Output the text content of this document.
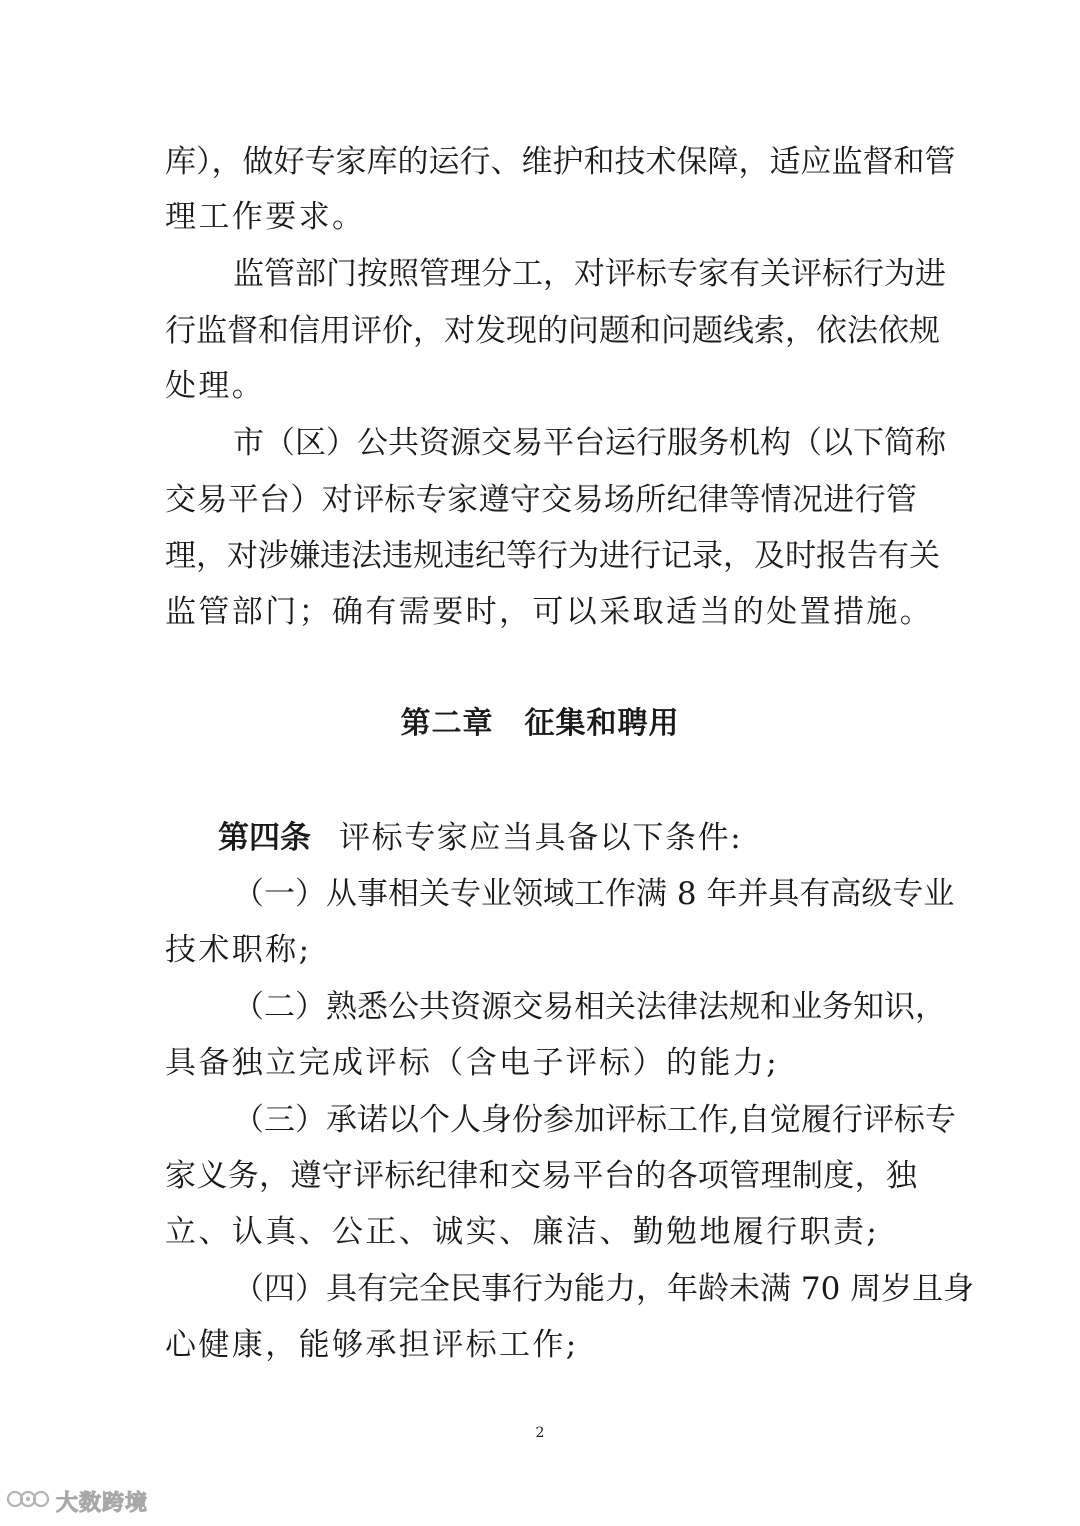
库），做好专家库的运行、维护和技术保障，适应监督和管
理工作要求。
监管部门按照管理分工，对评标专家有关评标行为进
行监督和信用评价，对发现的问题和问题线索，依法依规
处理。
市（区）公共资源交易平台运行服务机构（以下简称
交易平台）对评标专家遵守交易场所纪律等情况进行管
理，对涉嫌违法违规违纪等行为进行记录，及时报告有关
监管部门；确有需要时，可以采取适当的处置措施。
第二章　征集和聘用
第四条 评标专家应当具备以下条件:
（一）从事相关专业领域工作满 8 年并具有高级专业
技术职称;
（二）熟悉公共资源交易相关法律法规和业务知识，
具备独立完成评标（含电子评标）的能力;
（三）承诺以个人身份参加评标工作,自觉履行评标专
家义务，遵守评标纪律和交易平台的各项管理制度，独
立、认真、公正、诚实、廉洁、勤勉地履行职责;
（四）具有完全民事行为能力，年龄未满 70 周岁且身
心健康，能够承担评标工作;
2
大数跨境
